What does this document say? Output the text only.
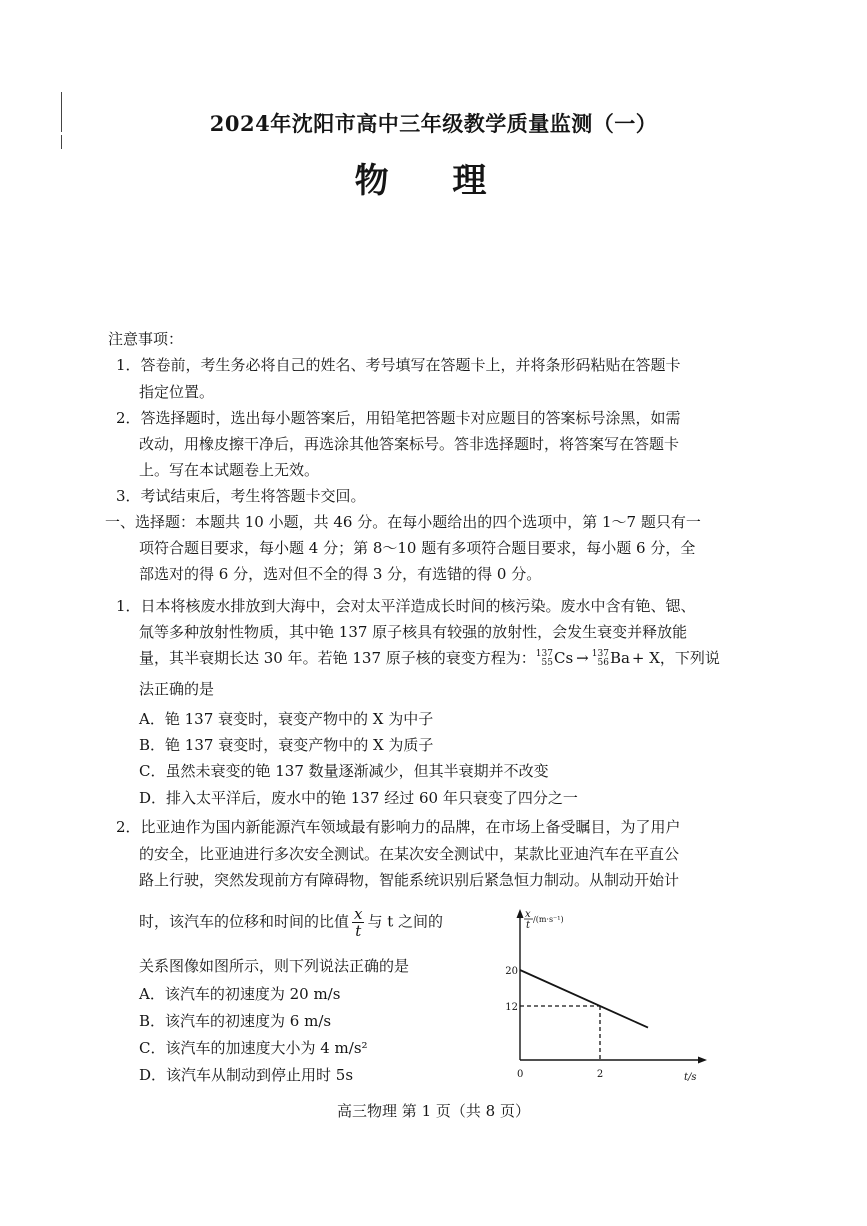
2024年沈阳市高中三年级教学质量监测（一）
物 理
注意事项：
1．答卷前，考生务必将自己的姓名、考号填写在答题卡上，并将条形码粘贴在答题卡
指定位置。
2．答选择题时，选出每小题答案后，用铅笔把答题卡对应题目的答案标号涂黑，如需
改动，用橡皮擦干净后，再选涂其他答案标号。答非选择题时，将答案写在答题卡
上。写在本试题卷上无效。
3．考试结束后，考生将答题卡交回。
一、选择题：本题共 10 小题，共 46 分。在每小题给出的四个选项中，第 1～7 题只有一
项符合题目要求，每小题 4 分；第 8～10 题有多项符合题目要求，每小题 6 分，全
部选对的得 6 分，选对但不全的得 3 分，有选错的得 0 分。
1．日本将核废水排放到大海中，会对太平洋造成长时间的核污染。废水中含有铯、锶、
氚等多种放射性物质，其中铯 137 原子核具有较强的放射性，会发生衰变并释放能
量，其半衰期长达 30 年。若铯 137 原子核的衰变方程为：137
55Cs → 137
56Ba + X，下列说
法正确的是
A．铯 137 衰变时，衰变产物中的 X 为中子
B．铯 137 衰变时，衰变产物中的 X 为质子
C．虽然未衰变的铯 137 数量逐渐减少，但其半衰期并不改变
D．排入太平洋后，废水中的铯 137 经过 60 年只衰变了四分之一
2．比亚迪作为国内新能源汽车领域最有影响力的品牌，在市场上备受瞩目，为了用户
的安全，比亚迪进行多次安全测试。在某次安全测试中，某款比亚迪汽车在平直公
路上行驶，突然发现前方有障碍物，智能系统识别后紧急恒力制动。从制动开始计
时，该汽车的位移和时间的比值 $\frac{x}{t}$ 与 t 之间的
关系图像如图所示，则下列说法正确的是
A．该汽车的初速度为 20 m/s
B．该汽车的初速度为 6 m/s
C．该汽车的加速度大小为 4 m/s²
D．该汽车从制动到停止用时 5s
x
t
/(m·s⁻¹)
t/s
0	2
20
12
高三物理 第 1 页（共 8 页）
